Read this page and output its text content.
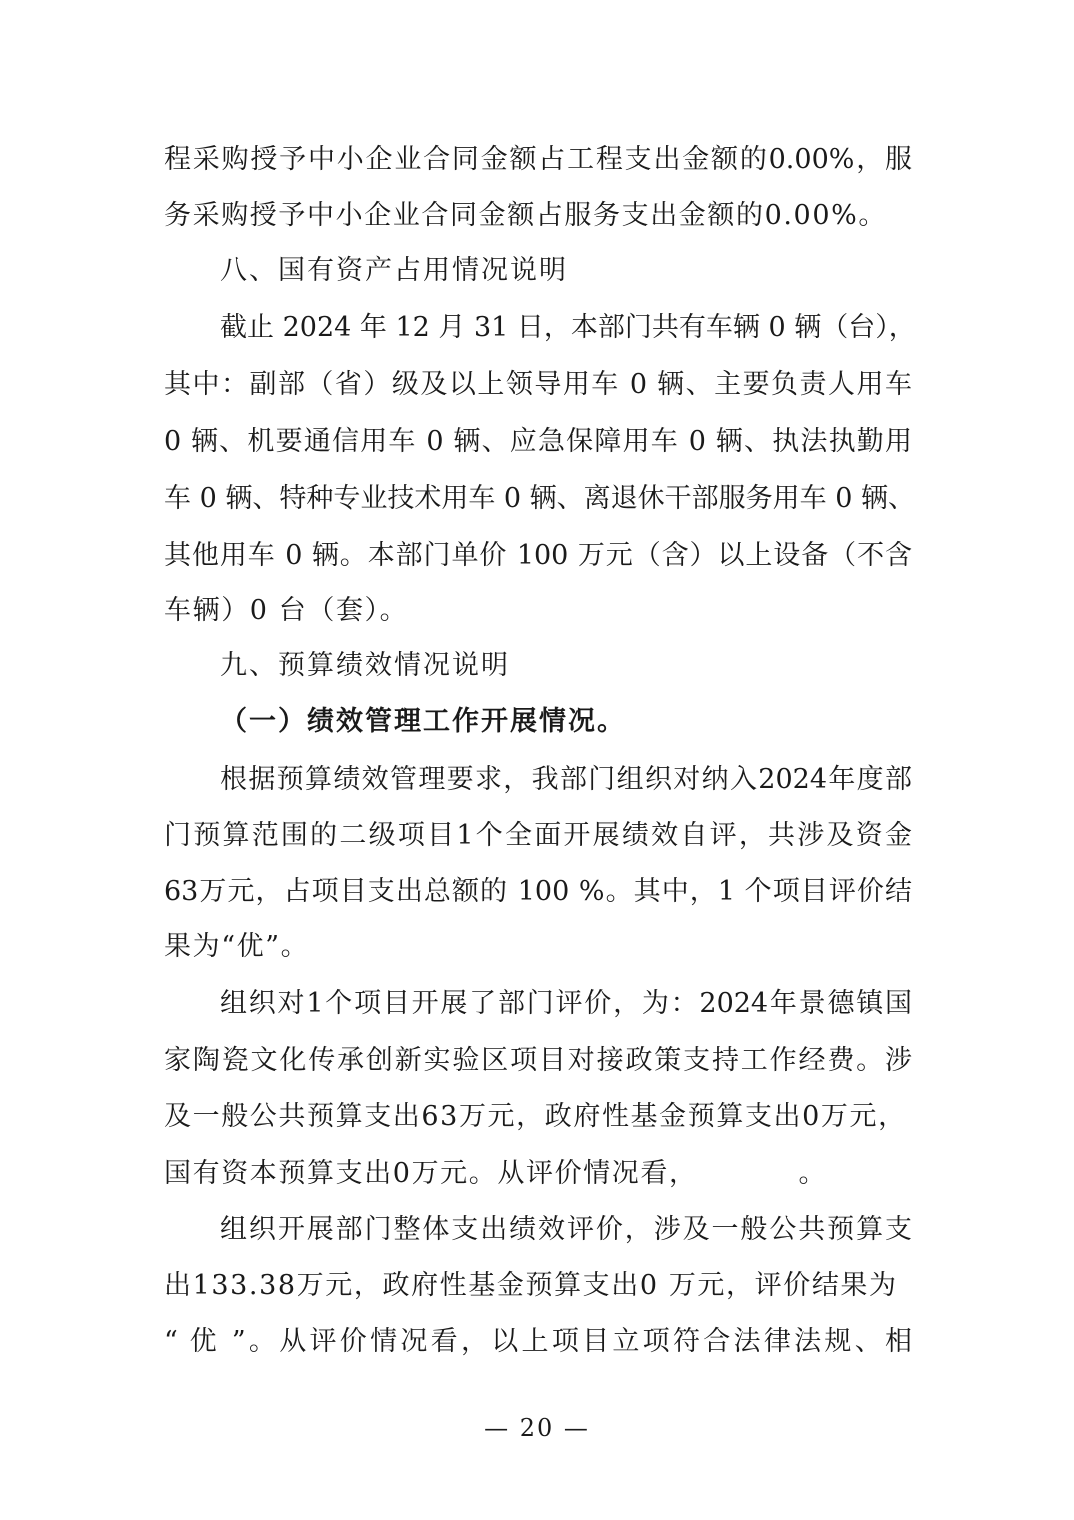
程采购授予中小企业合同金额占工程支出金额的0.00%，服
务采购授予中小企业合同金额占服务支出金额的0.00%。
八、国有资产占用情况说明
截止 2024 年 12 月 31 日，本部门共有车辆 0 辆（台），
其中：副部（省）级及以上领导用车 0 辆、主要负责人用车
0 辆、机要通信用车 0 辆、应急保障用车 0 辆、执法执勤用
车 0 辆、特种专业技术用车 0 辆、离退休干部服务用车 0 辆、
其他用车 0 辆。本部门单价 100 万元（含）以上设备（不含
车辆）0 台（套）。
九、预算绩效情况说明
（一）绩效管理工作开展情况。
根据预算绩效管理要求，我部门组织对纳入2024年度部
门预算范围的二级项目1个全面开展绩效自评，共涉及资金
63万元，占项目支出总额的 100 %。其中，1 个项目评价结
果为“优”。
组织对1个项目开展了部门评价，为：2024年景德镇国
家陶瓷文化传承创新实验区项目对接政策支持工作经费。涉
及一般公共预算支出63万元，政府性基金预算支出0万元，
国有资本预算支出0万元。从评价情况看，　　　　。
组织开展部门整体支出绩效评价，涉及一般公共预算支
出133.38万元，政府性基金预算支出0 万元，评价结果为
“ 优 ”。从评价情况看，以上项目立项符合法律法规、相
— 20 —
